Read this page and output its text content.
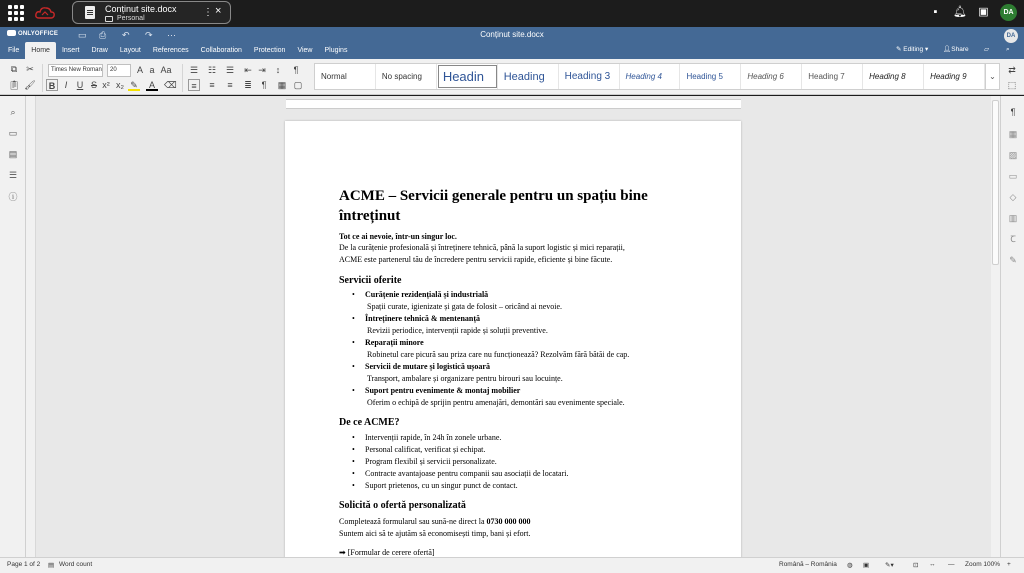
Conținut site.docx
Personal
⋮ ×	▪	🔔︎ ▣	DA
ONLYOFFICE ▭ ⎙ ↶ ↷ ⋯	Conținut site.docx	DA
File	Home	Insert	Draw	Layout	References	Collaboration	Protection	View	Plugins	✎ Editing ▾ 👤︎Share ▱	⌕
⧉	✂
📋︎ 🖌︎
Times New Roman	20	A a Aa
B	I	U S x² x₂ ✎	A	⌫
☰ ☷ ☰ ⇤ ⇥	↕	¶
≡	≡	≡	≣	¶	▦ ▢
Normal	No spacing	Headin	Heading	Heading 3	Heading 4	Heading 5	Heading 6	Heading 7	Heading 8	Heading 9	⌄
⇄
⬚
⌕
▭
▤
☰
ⓘ	ACME – Servicii generale pentru un spațiu bine întreținut
Tot ce ai nevoie, într-un singur loc.
De la curățenie profesională și întreținere tehnică, până la suport logistic și mici reparații,
ACME este partenerul tău de încredere pentru servicii rapide, eficiente și bine făcute.
Servicii oferite
• Curățenie rezidențială și industrială
Spații curate, igienizate și gata de folosit – oricând ai nevoie.
• Întreținere tehnică & mentenanță
Revizii periodice, intervenții rapide și soluții preventive.
• Reparații minore
Robinetul care picură sau priza care nu funcționează? Rezolvăm fără bătăi de cap.
• Servicii de mutare și logistică ușoară
Transport, ambalare și organizare pentru birouri sau locuințe.
• Suport pentru evenimente & montaj mobilier
Oferim o echipă de sprijin pentru amenajări, demontări sau evenimente speciale.
De ce ACME?
• Intervenții rapide, în 24h în zonele urbane.
• Personal calificat, verificat și echipat.
• Program flexibil și servicii personalizate.
• Contracte avantajoase pentru companii sau asociații de locatari.
• Suport prietenos, cu un singur punct de contact.
Solicită o ofertă personalizată
Completează formularul sau sună-ne direct la 0730 000 000
Suntem aici să te ajutăm să economisești timp, bani și efort.
➡ [Formular de cerere ofertă]
¶
▦
▨
▭
◇
▥
Ꞇ
✎
Page 1 of 2 ▤ Word count	Română – România ◍ ▣ ✎▾	⊡ ↔ — Zoom 100% +
